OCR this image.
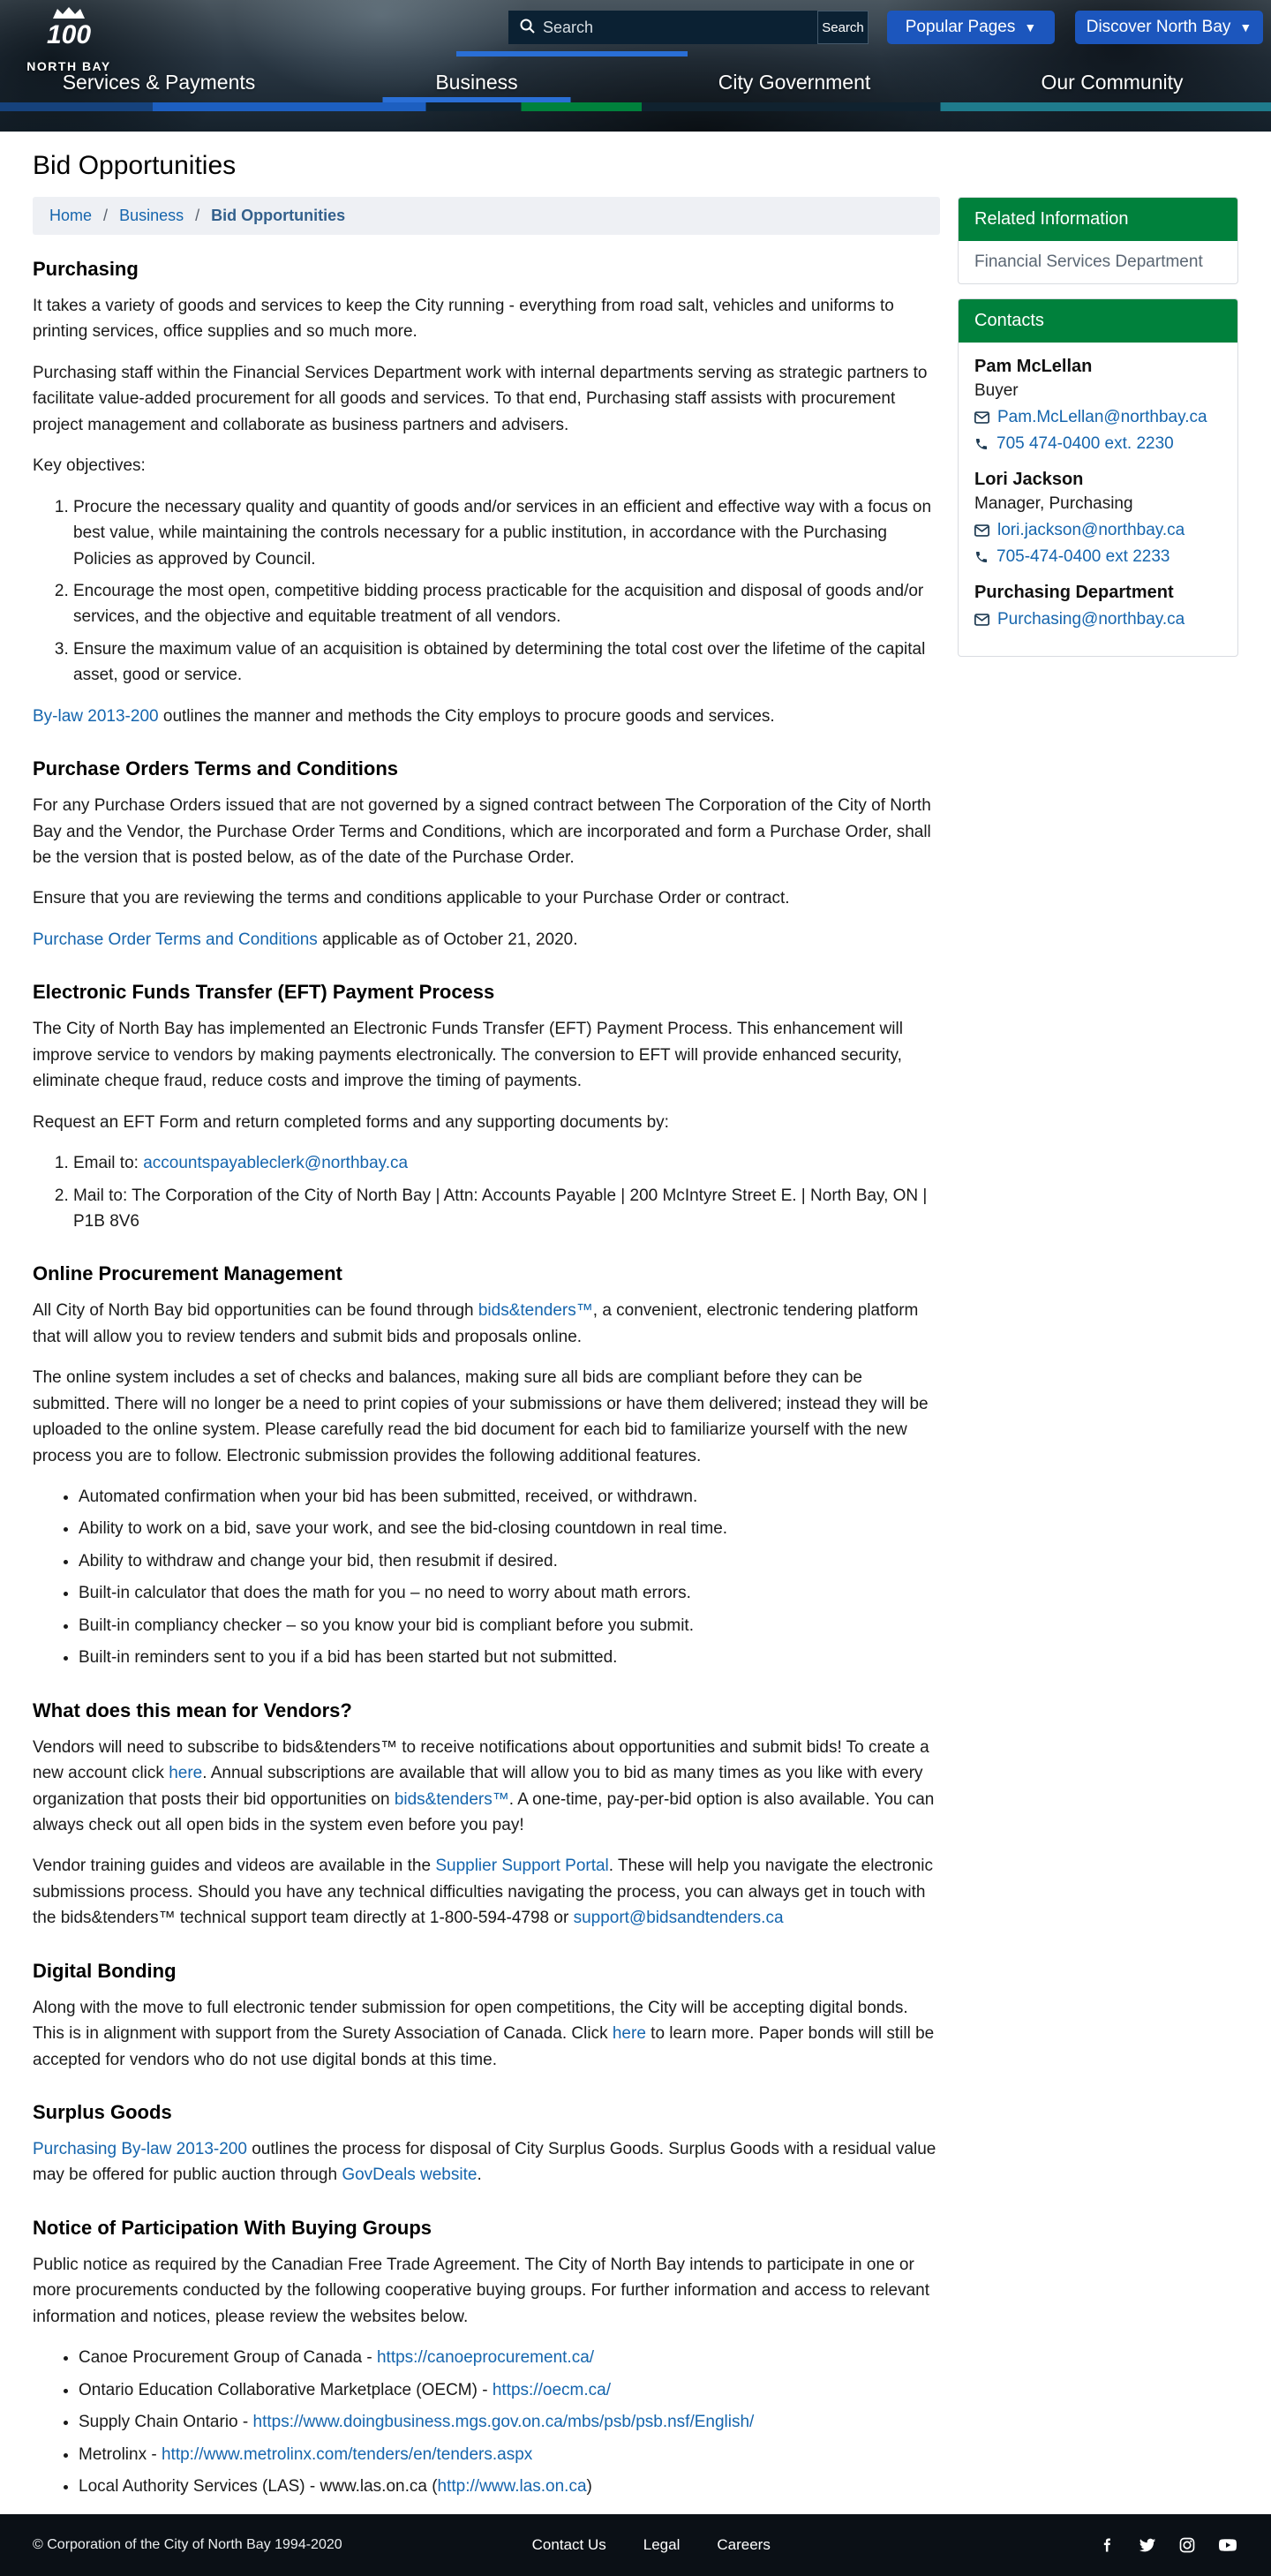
100
NORTH BAY
Search
Search Popular Pages ▼	Discover North Bay ▼
Services & Payments	Business	City Government	Our Community
Bid Opportunities
Home / Business / Bid Opportunities
Purchasing

It takes a variety of goods and services to keep the City running - everything from road salt, vehicles and uniforms to printing services, office supplies and so much more.

Purchasing staff within the Financial Services Department work with internal departments serving as strategic partners to facilitate value-added procurement for all goods and services. To that end, Purchasing staff assists with procurement project management and collaborate as business partners and advisers.

Key objectives:

1. Procure the necessary quality and quantity of goods and/or services in an efficient and effective way with a focus on best value, while maintaining the controls necessary for a public institution, in accordance with the Purchasing Policies as approved by Council.
2. Encourage the most open, competitive bidding process practicable for the acquisition and disposal of goods and/or services, and the objective and equitable treatment of all vendors.
3. Ensure the maximum value of an acquisition is obtained by determining the total cost over the lifetime of the capital asset, good or service.

By-law 2013-200 outlines the manner and methods the City employs to procure goods and services.

Purchase Orders Terms and Conditions

For any Purchase Orders issued that are not governed by a signed contract between The Corporation of the City of North Bay and the Vendor, the Purchase Order Terms and Conditions, which are incorporated and form a Purchase Order, shall be the version that is posted below, as of the date of the Purchase Order.

Ensure that you are reviewing the terms and conditions applicable to your Purchase Order or contract.

Purchase Order Terms and Conditions applicable as of October 21, 2020.

Electronic Funds Transfer (EFT) Payment Process

The City of North Bay has implemented an Electronic Funds Transfer (EFT) Payment Process. This enhancement will improve service to vendors by making payments electronically. The conversion to EFT will provide enhanced security, eliminate cheque fraud, reduce costs and improve the timing of payments.

Request an EFT Form and return completed forms and any supporting documents by:

1. Email to: accountspayableclerk@northbay.ca
2. Mail to: The Corporation of the City of North Bay | Attn: Accounts Payable | 200 McIntyre Street E. | North Bay, ON | P1B 8V6
Online Procurement Management

All City of North Bay bid opportunities can be found through bids&tenders™, a convenient, electronic tendering platform that will allow you to review tenders and submit bids and proposals online.

The online system includes a set of checks and balances, making sure all bids are compliant before they can be submitted. There will no longer be a need to print copies of your submissions or have them delivered; instead they will be uploaded to the online system. Please carefully read the bid document for each bid to familiarize yourself with the new process you are to follow. Electronic submission provides the following additional features.

• Automated confirmation when your bid has been submitted, received, or withdrawn.
• Ability to work on a bid, save your work, and see the bid-closing countdown in real time.
• Ability to withdraw and change your bid, then resubmit if desired.
• Built-in calculator that does the math for you – no need to worry about math errors.
• Built-in compliancy checker – so you know your bid is compliant before you submit.
• Built-in reminders sent to you if a bid has been started but not submitted.
What does this mean for Vendors?

Vendors will need to subscribe to bids&tenders™ to receive notifications about opportunities and submit bids! To create a new account click here. Annual subscriptions are available that will allow you to bid as many times as you like with every organization that posts their bid opportunities on bids&tenders™. A one-time, pay-per-bid option is also available. You can always check out all open bids in the system even before you pay!

Vendor training guides and videos are available in the Supplier Support Portal. These will help you navigate the electronic submissions process. Should you have any technical difficulties navigating the process, you can always get in touch with the bids&tenders™ technical support team directly at 1-800-594-4798 or support@bidsandtenders.ca

Digital Bonding

Along with the move to full electronic tender submission for open competitions, the City will be accepting digital bonds. This is in alignment with support from the Surety Association of Canada. Click here to learn more. Paper bonds will still be accepted for vendors who do not use digital bonds at this time.

Surplus Goods

Purchasing By-law 2013-200 outlines the process for disposal of City Surplus Goods. Surplus Goods with a residual value may be offered for public auction through GovDeals website.

Notice of Participation With Buying Groups

Public notice as required by the Canadian Free Trade Agreement. The City of North Bay intends to participate in one or more procurements conducted by the following cooperative buying groups. For further information and access to relevant information and notices, please review the websites below.

• Canoe Procurement Group of Canada - https://canoeprocurement.ca/
• Ontario Education Collaborative Marketplace (OECM) - https://oecm.ca/
• Supply Chain Ontario - https://www.doingbusiness.mgs.gov.on.ca/mbs/psb/psb.nsf/English/
• Metrolinx - http://www.metrolinx.com/tenders/en/tenders.aspx
• Local Authority Services (LAS) - www.las.on.ca (http://www.las.on.ca)
Related Information
Financial Services Department
Contacts
Pam McLellan
Buyer
Pam.McLellan@northbay.ca
705 474-0400 ext. 2230
Lori Jackson
Manager, Purchasing
lori.jackson@northbay.ca
705-474-0400 ext 2233
Purchasing Department
Purchasing@northbay.ca
© Corporation of the City of North Bay 1994-2020	Contact Us Legal Careers
